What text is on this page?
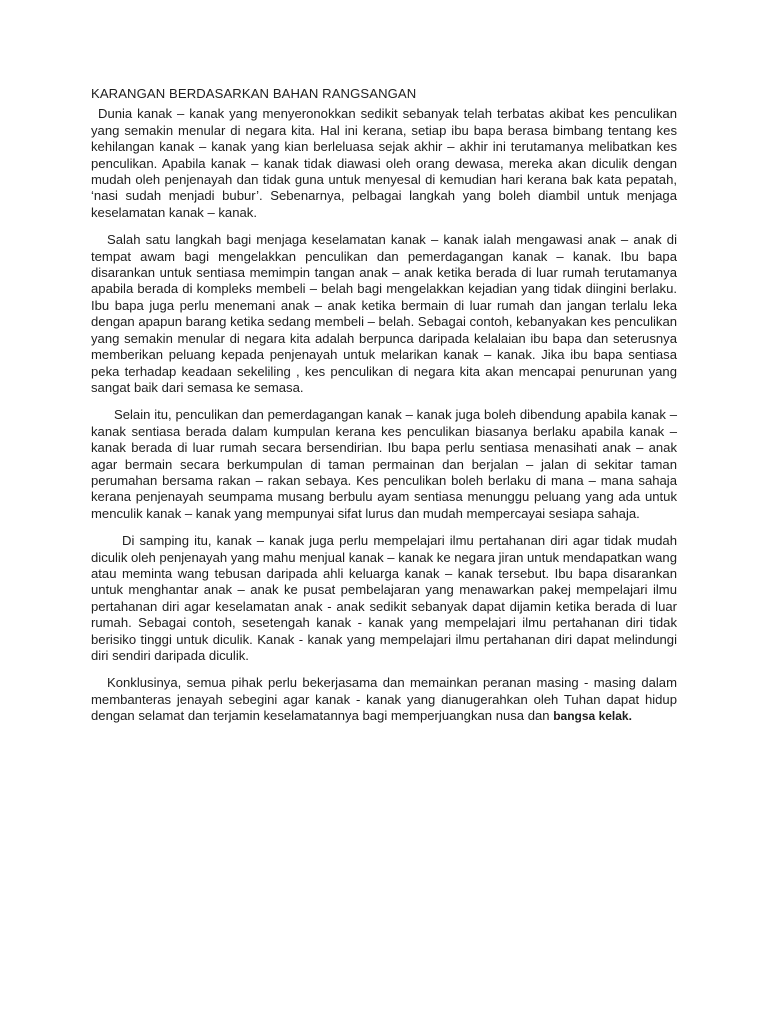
KARANGAN BERDASARKAN BAHAN RANGSANGAN

Dunia kanak – kanak yang menyeronokkan sedikit sebanyak telah terbatas akibat kes penculikan yang semakin menular di negara kita. Hal ini kerana, setiap ibu bapa berasa bimbang tentang kes kehilangan kanak – kanak yang kian berleluasa sejak akhir – akhir ini terutamanya melibatkan kes penculikan. Apabila kanak – kanak tidak diawasi oleh orang dewasa, mereka akan diculik dengan mudah oleh penjenayah dan tidak guna untuk menyesal di kemudian hari kerana bak kata pepatah, ‘nasi sudah menjadi bubur’. Sebenarnya, pelbagai langkah yang boleh diambil untuk menjaga keselamatan kanak – kanak.

Salah satu langkah bagi menjaga keselamatan kanak – kanak ialah mengawasi anak – anak di tempat awam bagi mengelakkan penculikan dan pemerdagangan kanak – kanak. Ibu bapa disarankan untuk sentiasa memimpin tangan anak – anak ketika berada di luar rumah terutamanya apabila berada di kompleks membeli – belah bagi mengelakkan kejadian yang tidak diingini berlaku. Ibu bapa juga perlu menemani anak – anak ketika bermain di luar rumah dan jangan terlalu leka dengan apapun barang ketika sedang membeli – belah. Sebagai contoh, kebanyakan kes penculikan yang semakin menular di negara kita adalah berpunca daripada kelalaian ibu bapa dan seterusnya memberikan peluang kepada penjenayah untuk melarikan kanak – kanak. Jika ibu bapa sentiasa peka terhadap keadaan sekeliling , kes penculikan di negara kita akan mencapai penurunan yang sangat baik dari semasa ke semasa.

Selain itu, penculikan dan pemerdagangan kanak – kanak juga boleh dibendung apabila kanak – kanak sentiasa berada dalam kumpulan kerana kes penculikan biasanya berlaku apabila kanak – kanak berada di luar rumah secara bersendirian. Ibu bapa perlu sentiasa menasihati anak – anak agar bermain secara berkumpulan di taman permainan dan berjalan – jalan di sekitar taman perumahan bersama rakan – rakan sebaya. Kes penculikan boleh berlaku di mana – mana sahaja kerana penjenayah seumpama musang berbulu ayam sentiasa menunggu peluang yang ada untuk menculik kanak – kanak yang mempunyai sifat lurus dan mudah mempercayai sesiapa sahaja.

Di samping itu, kanak – kanak juga perlu mempelajari ilmu pertahanan diri agar tidak mudah diculik oleh penjenayah yang mahu menjual kanak – kanak ke negara jiran untuk mendapatkan wang atau meminta wang tebusan daripada ahli keluarga kanak – kanak tersebut. Ibu bapa disarankan untuk menghantar anak – anak ke pusat pembelajaran yang menawarkan pakej mempelajari ilmu pertahanan diri agar keselamatan anak - anak sedikit sebanyak dapat dijamin ketika berada di luar rumah. Sebagai contoh, sesetengah kanak - kanak yang mempelajari ilmu pertahanan diri tidak berisiko tinggi untuk diculik. Kanak - kanak yang mempelajari ilmu pertahanan diri dapat melindungi diri sendiri daripada diculik.

Konklusinya, semua pihak perlu bekerjasama dan memainkan peranan masing - masing dalam membanteras jenayah sebegini agar kanak - kanak yang dianugerahkan oleh Tuhan dapat hidup dengan selamat dan terjamin keselamatannya bagi memperjuangkan nusa dan bangsa kelak.
